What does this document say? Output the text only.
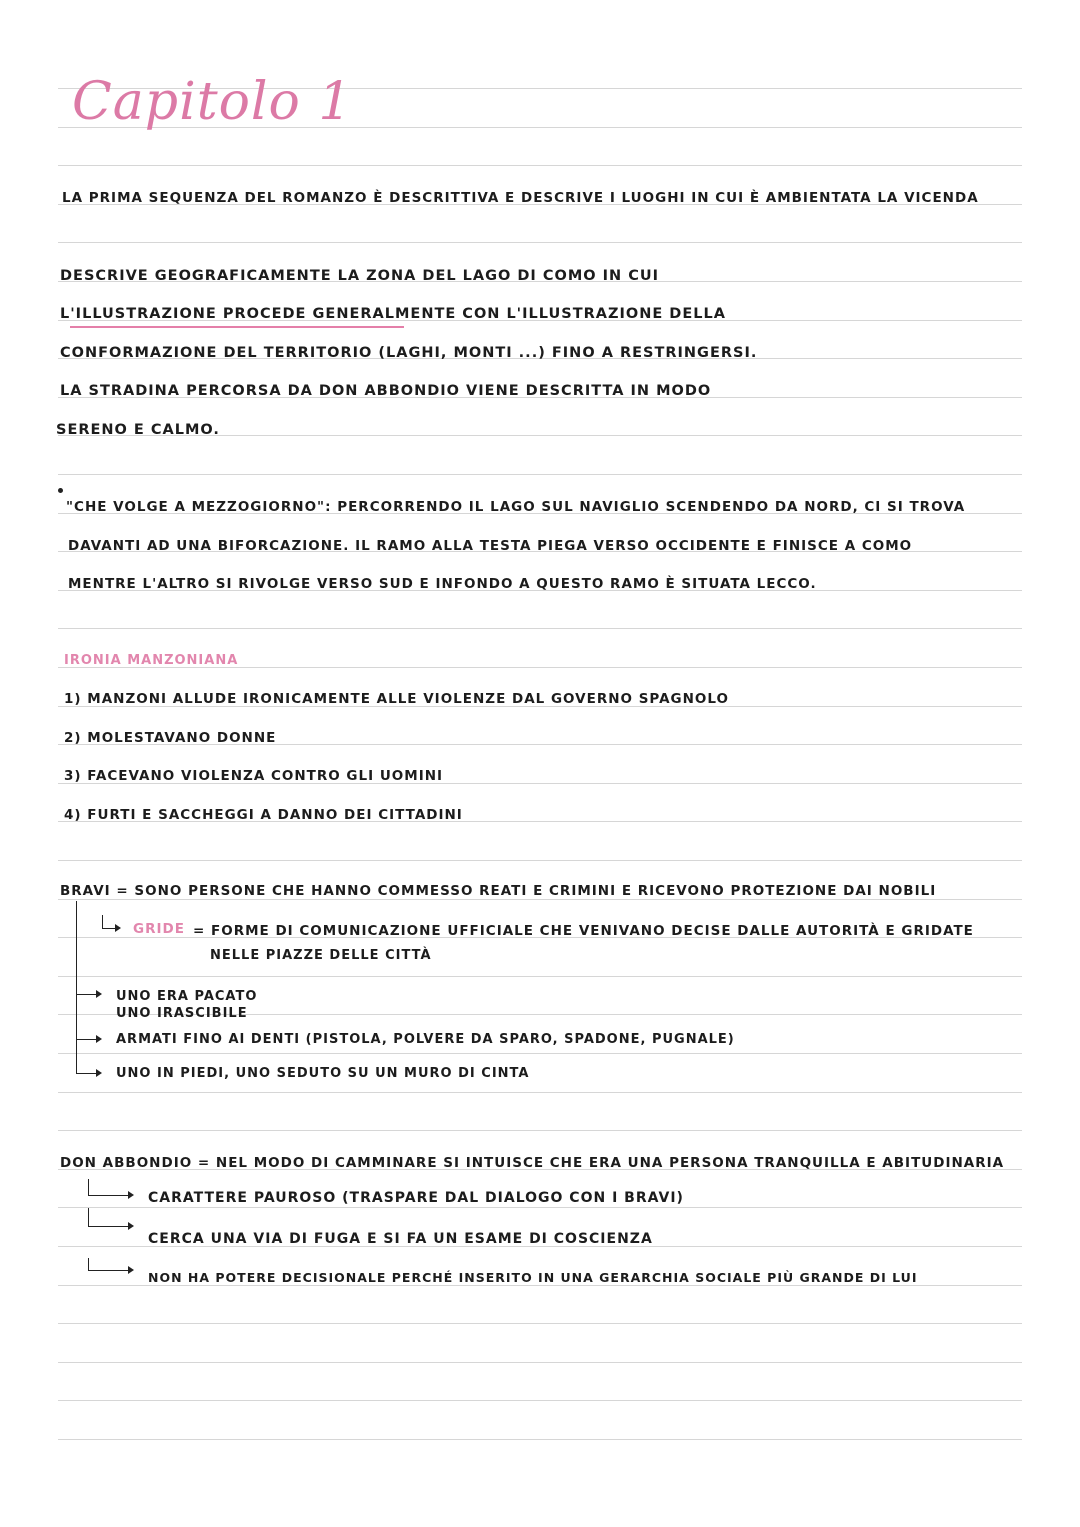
Capitolo 1
LA PRIMA SEQUENZA DEL ROMANZO È DESCRITTIVA E DESCRIVE I LUOGHI IN CUI È AMBIENTATA LA VICENDA
DESCRIVE GEOGRAFICAMENTE LA ZONA DEL LAGO DI COMO IN CUI
L'ILLUSTRAZIONE PROCEDE GENERALMENTE CON L'ILLUSTRAZIONE DELLA
CONFORMAZIONE DEL TERRITORIO (LAGHI, MONTI ...) FINO A RESTRINGERSI.
LA STRADINA PERCORSA DA DON ABBONDIO VIENE DESCRITTA IN MODO
SERENO E CALMO.
"CHE VOLGE A MEZZOGIORNO": PERCORRENDO IL LAGO SUL NAVIGLIO SCENDENDO DA NORD, CI SI TROVA
DAVANTI AD UNA BIFORCAZIONE. IL RAMO ALLA TESTA PIEGA VERSO OCCIDENTE E FINISCE A COMO
MENTRE L'ALTRO SI RIVOLGE VERSO SUD E INFONDO A QUESTO RAMO È SITUATA LECCO.
IRONIA MANZONIANA
1) MANZONI ALLUDE IRONICAMENTE ALLE VIOLENZE DAL GOVERNO SPAGNOLO
2) MOLESTAVANO DONNE
3) FACEVANO VIOLENZA CONTRO GLI UOMINI
4) FURTI E SACCHEGGI A DANNO DEI CITTADINI
BRAVI = SONO PERSONE CHE HANNO COMMESSO REATI E CRIMINI E RICEVONO PROTEZIONE DAI NOBILI
GRIDE = FORME DI COMUNICAZIONE UFFICIALE CHE VENIVANO DECISE DALLE AUTORITÀ E GRIDATE
NELLE PIAZZE DELLE CITTÀ
UNO ERA PACATO
UNO IRASCIBILE
ARMATI FINO AI DENTI (PISTOLA, POLVERE DA SPARO, SPADONE, PUGNALE)
UNO IN PIEDI, UNO SEDUTO SU UN MURO DI CINTA
DON ABBONDIO = NEL MODO DI CAMMINARE SI INTUISCE CHE ERA UNA PERSONA TRANQUILLA E ABITUDINARIA
CARATTERE PAUROSO (TRASPARE DAL DIALOGO CON I BRAVI)
CERCA UNA VIA DI FUGA E SI FA UN ESAME DI COSCIENZA
NON HA POTERE DECISIONALE PERCHÉ INSERITO IN UNA GERARCHIA SOCIALE PIÙ GRANDE DI LUI
